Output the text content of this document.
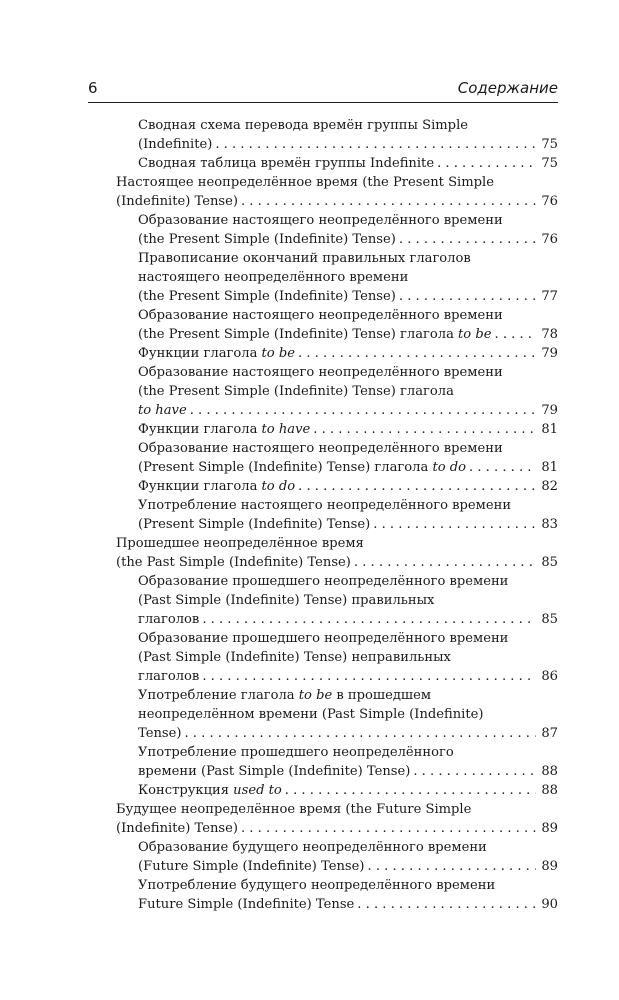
6	Содержание
Сводная схема перевода времён группы Simple
(Indefinite) . . .	75
Сводная таблица времён группы Indefinite . . .	75
Настоящее неопределённое время (the Present Simple
(Indefinite) Tense) . . .	76
Образование настоящего неопределённого времени
(the Present Simple (Indefinite) Tense) . . .	76
Правописание окончаний правильных глаголов
настоящего неопределённого времени
(the Present Simple (Indefinite) Tense) . . .	77
Образование настоящего неопределённого времени
(the Present Simple (Indefinite) Tense) глагола to be . . .	78
Функции глагола to be . . .	79
Образование настоящего неопределённого времени
(the Present Simple (Indefinite) Tense) глагола
to have . . .	79
Функции глагола to have . . .	81
Образование настоящего неопределённого времени
(Present Simple (Indefinite) Tense) глагола to do . . .	81
Функции глагола to do . . .	82
Употребление настоящего неопределённого времени
(Present Simple (Indefinite) Tense) . . .	83
Прошедшее неопределённое время
(the Past Simple (Indefinite) Tense) . . .	85
Образование прошедшего неопределённого времени
(Past Simple (Indefinite) Tense) правильных
глаголов . . .	85
Образование прошедшего неопределённого времени
(Past Simple (Indefinite) Tense) неправильных
глаголов . . .	86
Употребление глагола to be в прошедшем
неопределённом времени (Past Simple (Indefinite)
Tense) . . .	87
Употребление прошедшего неопределённого
времени (Past Simple (Indefinite) Tense) . . .	88
Конструкция used to . . .	88
Будущее неопределённое время (the Future Simple
(Indefinite) Tense) . . .	89
Образование будущего неопределённого времени
(Future Simple (Indefinite) Tense) . . .	89
Употребление будущего неопределённого времени
Future Simple (Indefinite) Tense . . .	90
